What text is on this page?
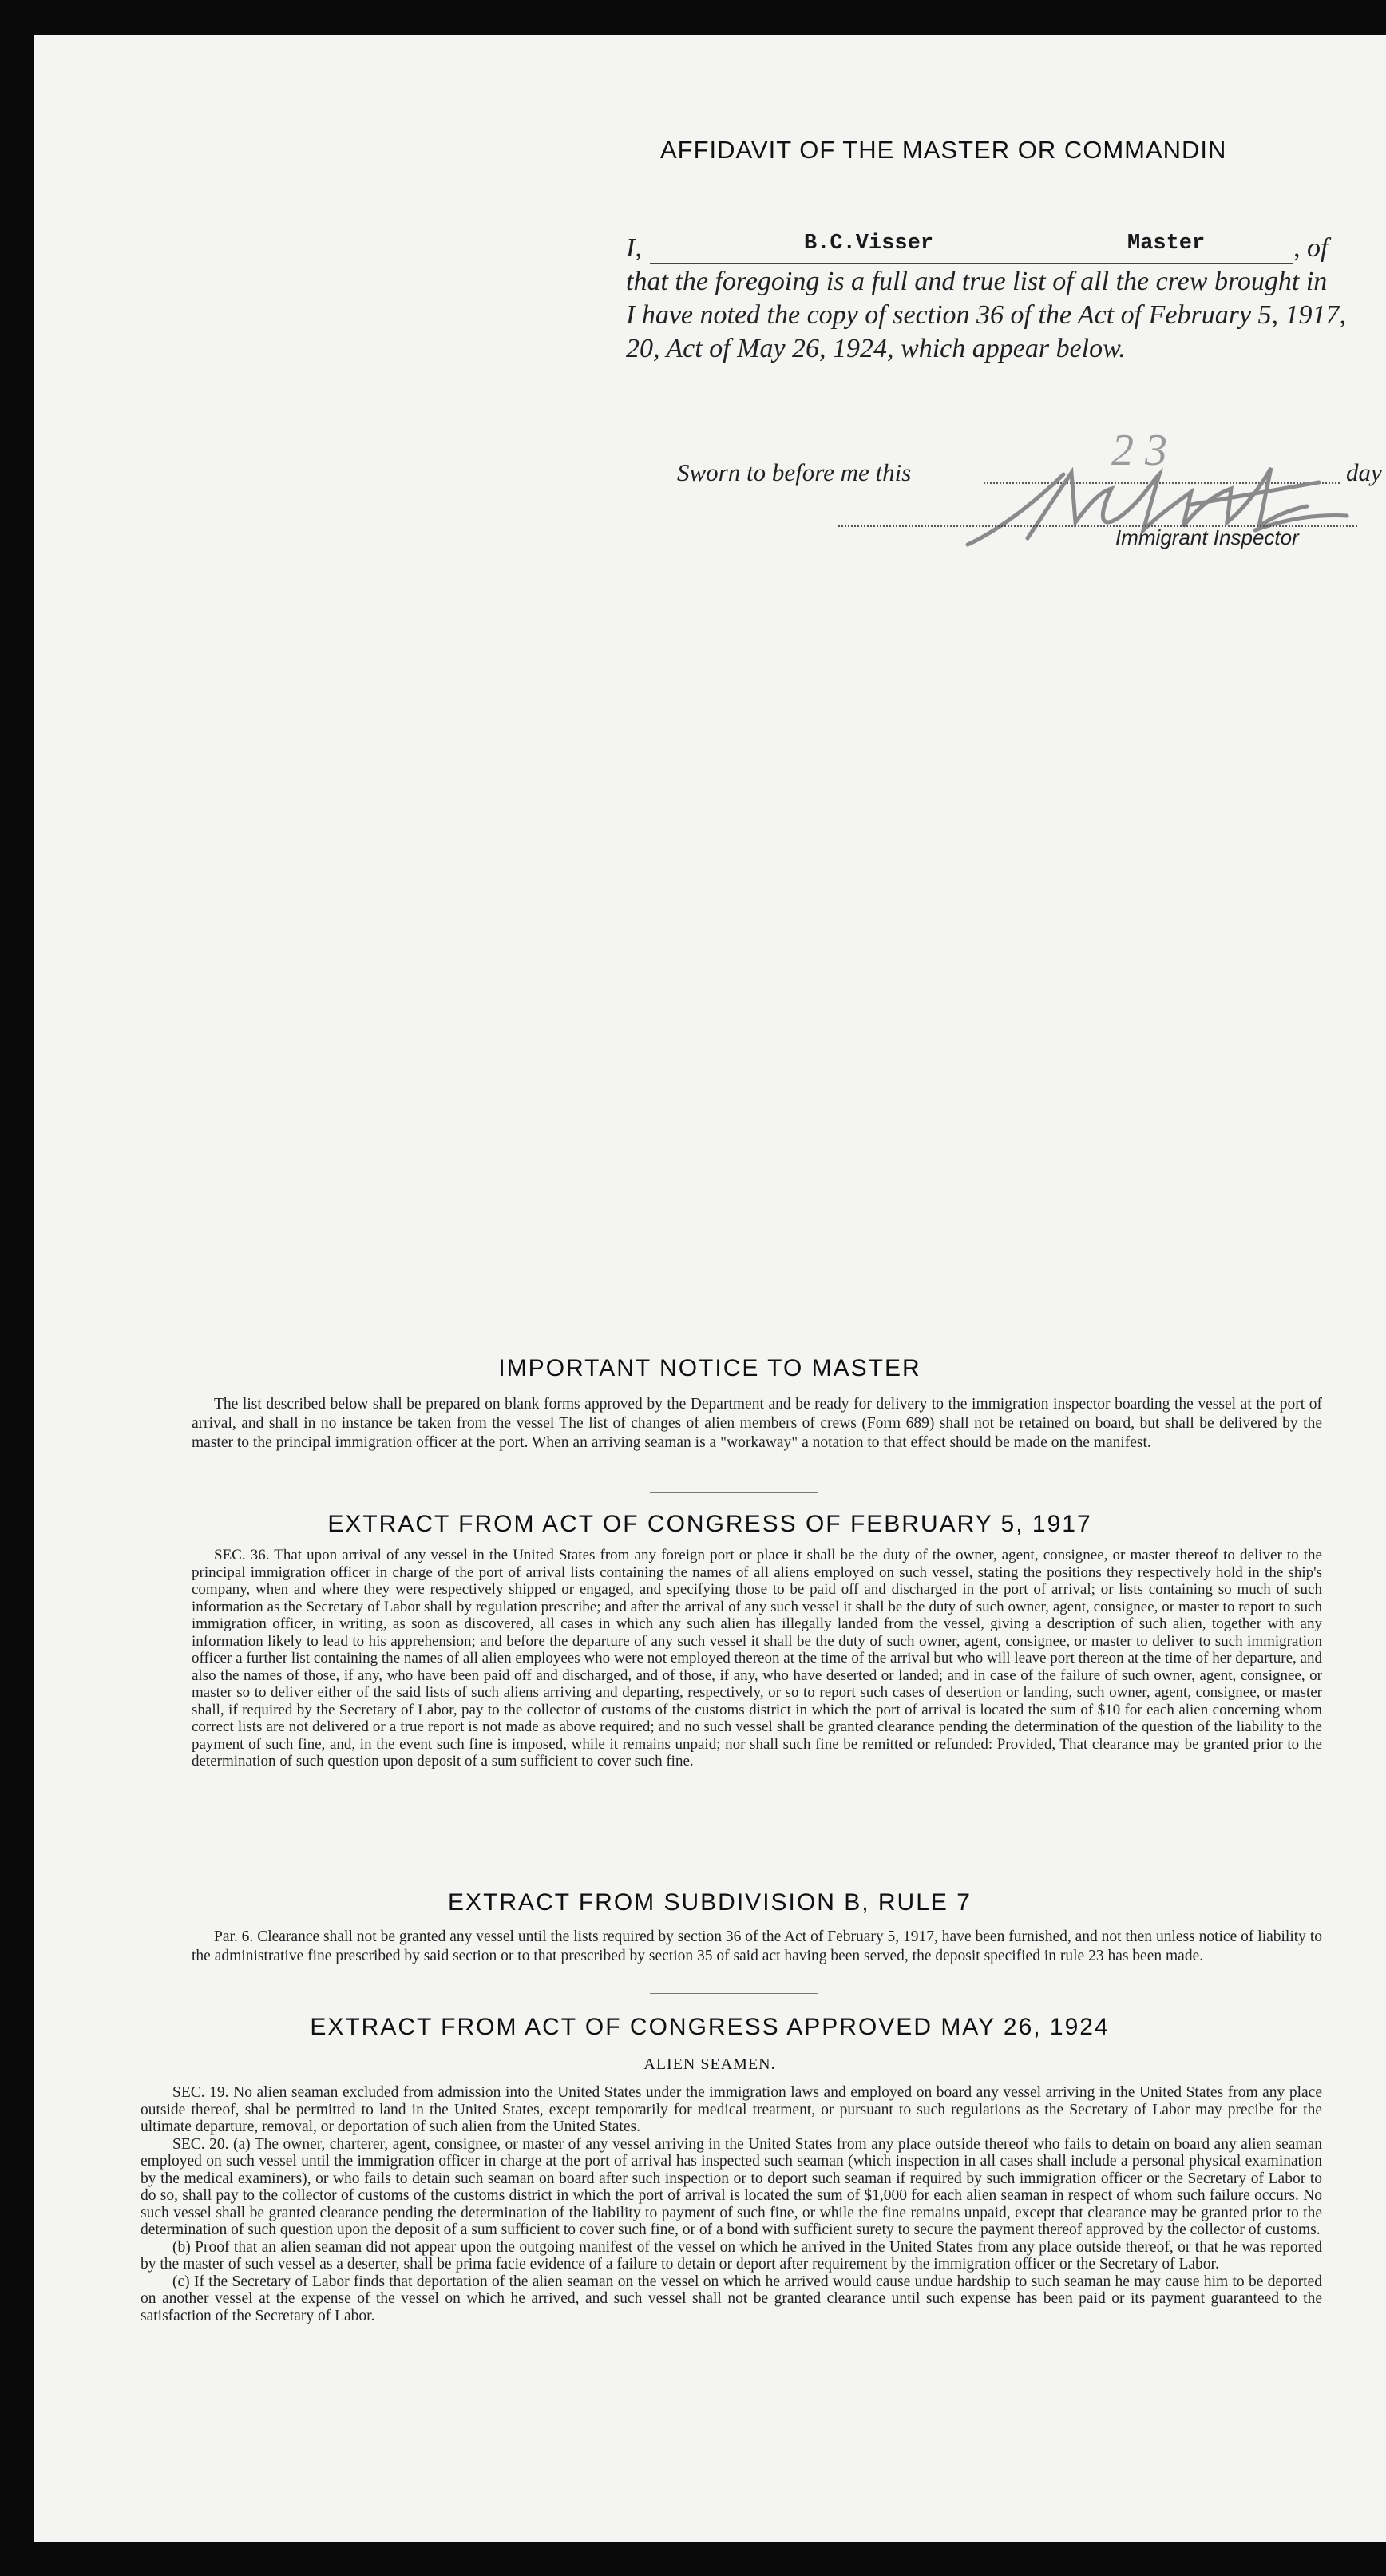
AFFIDAVIT OF THE MASTER OR COMMANDIN
I,	B.C.Visser	Master	, of
that the foregoing is a full and true list of all the crew brought in
I have noted the copy of section 36 of the Act of February 5, 1917,
20, Act of May 26, 1924, which appear below.
Sworn to before me this	23	day
Immigrant Inspector
IMPORTANT NOTICE TO MASTER
The list described below shall be prepared on blank forms approved by the Department and be ready for delivery to the immigration inspector boarding the vessel at the port of arrival, and shall in no instance be taken from the vessel The list of changes of alien members of crews (Form 689) shall not be retained on board, but shall be delivered by the master to the principal immigration officer at the port. When an arriving seaman is a "workaway" a notation to that effect should be made on the manifest.
EXTRACT FROM ACT OF CONGRESS OF FEBRUARY 5, 1917
SEC. 36. That upon arrival of any vessel in the United States from any foreign port or place it shall be the duty of the owner, agent, consignee, or master thereof to deliver to the principal immigration officer in charge of the port of arrival lists containing the names of all aliens employed on such vessel, stating the positions they respectively hold in the ship's company, when and where they were respectively shipped or engaged, and specifying those to be paid off and discharged in the port of arrival; or lists containing so much of such information as the Secretary of Labor shall by regulation prescribe; and after the arrival of any such vessel it shall be the duty of such owner, agent, consignee, or master to report to such immigration officer, in writing, as soon as discovered, all cases in which any such alien has illegally landed from the vessel, giving a description of such alien, together with any information likely to lead to his apprehension; and before the departure of any such vessel it shall be the duty of such owner, agent, consignee, or master to deliver to such immigration officer a further list containing the names of all alien employees who were not employed thereon at the time of the arrival but who will leave port thereon at the time of her departure, and also the names of those, if any, who have been paid off and discharged, and of those, if any, who have deserted or landed; and in case of the failure of such owner, agent, consignee, or master so to deliver either of the said lists of such aliens arriving and departing, respectively, or so to report such cases of desertion or landing, such owner, agent, consignee, or master shall, if required by the Secretary of Labor, pay to the collector of customs of the customs district in which the port of arrival is located the sum of $10 for each alien concerning whom correct lists are not delivered or a true report is not made as above required; and no such vessel shall be granted clearance pending the determination of the question of the liability to the payment of such fine, and, in the event such fine is imposed, while it remains unpaid; nor shall such fine be remitted or refunded: Provided, That clearance may be granted prior to the determination of such question upon deposit of a sum sufficient to cover such fine.
EXTRACT FROM SUBDIVISION B, RULE 7
Par. 6. Clearance shall not be granted any vessel until the lists required by section 36 of the Act of February 5, 1917, have been furnished, and not then unless notice of liability to the administrative fine prescribed by said section or to that prescribed by section 35 of said act having been served, the deposit specified in rule 23 has been made.
EXTRACT FROM ACT OF CONGRESS APPROVED MAY 26, 1924
ALIEN SEAMEN.

SEC. 19. No alien seaman excluded from admission into the United States under the immigration laws and employed on board any vessel arriving in the United States from any place outside thereof, shal be permitted to land in the United States, except temporarily for medical treatment, or pursuant to such regulations as the Secretary of Labor may precibe for the ultimate departure, removal, or deportation of such alien from the United States.

SEC. 20. (a) The owner, charterer, agent, consignee, or master of any vessel arriving in the United States from any place outside thereof who fails to detain on board any alien seaman employed on such vessel until the immigration officer in charge at the port of arrival has inspected such seaman (which inspection in all cases shall include a personal physical examination by the medical examiners), or who fails to detain such seaman on board after such inspection or to deport such seaman if required by such immigration officer or the Secretary of Labor to do so, shall pay to the collector of customs of the customs district in which the port of arrival is located the sum of $1,000 for each alien seaman in respect of whom such failure occurs. No such vessel shall be granted clearance pending the determination of the liability to payment of such fine, or while the fine remains unpaid, except that clearance may be granted prior to the determination of such question upon the deposit of a sum sufficient to cover such fine, or of a bond with sufficient surety to secure the payment thereof approved by the collector of customs.

(b) Proof that an alien seaman did not appear upon the outgoing manifest of the vessel on which he arrived in the United States from any place outside thereof, or that he was reported by the master of such vessel as a deserter, shall be prima facie evidence of a failure to detain or deport after requirement by the immigration officer or the Secretary of Labor.

(c) If the Secretary of Labor finds that deportation of the alien seaman on the vessel on which he arrived would cause undue hardship to such seaman he may cause him to be deported on another vessel at the expense of the vessel on which he arrived, and such vessel shall not be granted clearance until such expense has been paid or its payment guaranteed to the satisfaction of the Secretary of Labor.
